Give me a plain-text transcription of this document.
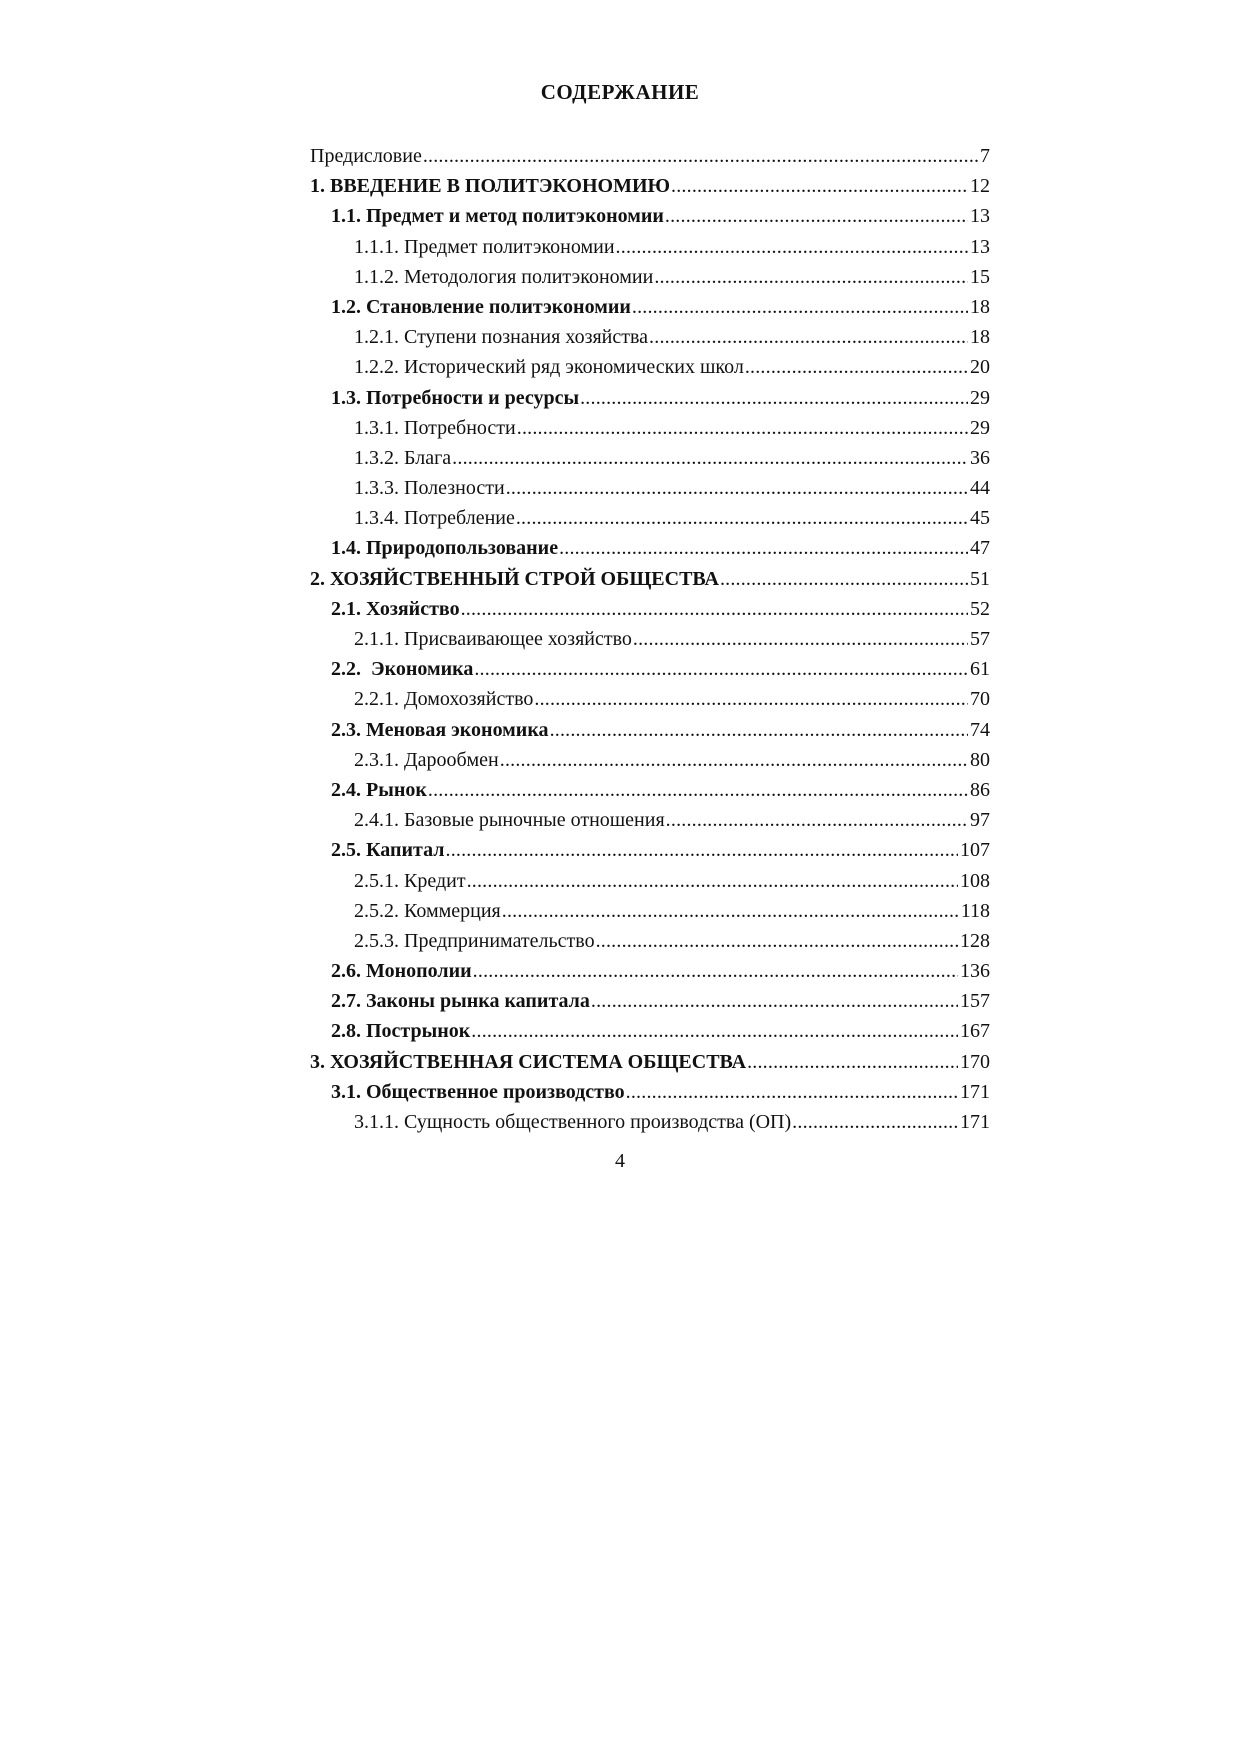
СОДЕРЖАНИЕ
Предисловие .....	7
1. ВВЕДЕНИЕ В ПОЛИТЭКОНОМИЮ .....	12
1.1. Предмет и метод политэкономии .....	13
1.1.1. Предмет политэкономии .....	13
1.1.2. Методология политэкономии .....	15
1.2. Становление политэкономии .....	18
1.2.1. Ступени познания хозяйства .....	18
1.2.2. Исторический ряд экономических школ .....	20
1.3. Потребности и ресурсы .....	29
1.3.1. Потребности .....	29
1.3.2. Блага .....	36
1.3.3. Полезности .....	44
1.3.4. Потребление .....	45
1.4. Природопользование .....	47
2. ХОЗЯЙСТВЕННЫЙ СТРОЙ ОБЩЕСТВА .....	51
2.1. Хозяйство .....	52
2.1.1. Присваивающее хозяйство .....	57
2.2.  Экономика .....	61
2.2.1. Домохозяйство .....	70
2.3. Меновая экономика .....	74
2.3.1. Дарообмен .....	80
2.4. Рынок .....	86
2.4.1. Базовые рыночные отношения .....	97
2.5. Капитал .....	107
2.5.1. Кредит .....	108
2.5.2. Коммерция .....	118
2.5.3. Предпринимательство .....	128
2.6. Монополии .....	136
2.7. Законы рынка капитала .....	157
2.8. Пострынок .....	167
3. ХОЗЯЙСТВЕННАЯ СИСТЕМА ОБЩЕСТВА .....	170
3.1. Общественное производство .....	171
3.1.1. Сущность общественного производства (ОП) .....	171
4
